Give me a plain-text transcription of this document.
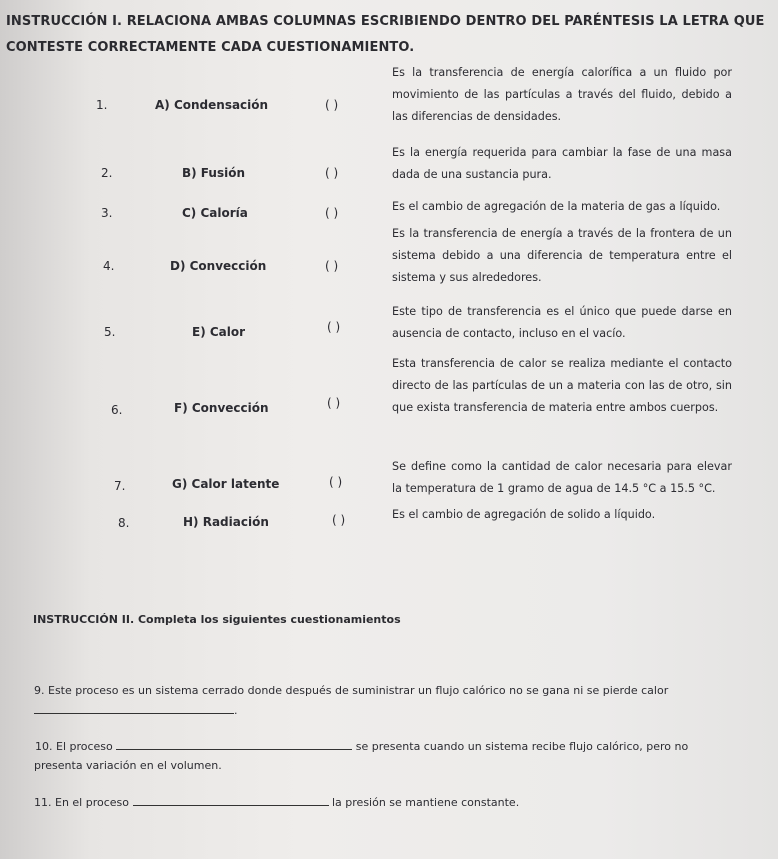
INSTRUCCIÓN I. RELACIONA AMBAS COLUMNAS ESCRIBIENDO DENTRO DEL PARÉNTESIS LA LETRA QUE CONTESTE CORRECTAMENTE CADA CUESTIONAMIENTO.
1.	A) Condensación	( )
Es la transferencia de energía calorífica a un fluido por movimiento de las partículas a través del fluido, debido a las diferencias de densidades.
2.	B) Fusión	( )
Es la energía requerida para cambiar la fase de una masa dada de una sustancia pura.
3.	C) Caloría	( )	Es el cambio de agregación de la materia de gas a líquido.
4.	D) Convección	( )
Es la transferencia de energía a través de la frontera de un sistema debido a una diferencia de temperatura entre el sistema y sus alrededores.
5.	E) Calor	( )
Este tipo de transferencia es el único que puede darse en ausencia de contacto, incluso en el vacío.
6.	F) Convección	( )
Esta transferencia de calor se realiza mediante el contacto directo de las partículas de un a materia con las de otro, sin que exista transferencia de materia entre ambos cuerpos.
7.	G) Calor latente	( )
Se define como la cantidad de calor necesaria para elevar la temperatura de 1 gramo de agua de 14.5 °C a 15.5 °C.
8.	H) Radiación	( )	Es el cambio de agregación de solido a líquido.
INSTRUCCIÓN II. Completa los siguientes cuestionamientos
9. Este proceso es un sistema cerrado donde después de suministrar un flujo calórico no se gana ni se pierde calor
.
10. El proceso	se presenta cuando un sistema recibe flujo calórico, pero no
presenta variación en el volumen.
11. En el proceso	la presión se mantiene constante.
